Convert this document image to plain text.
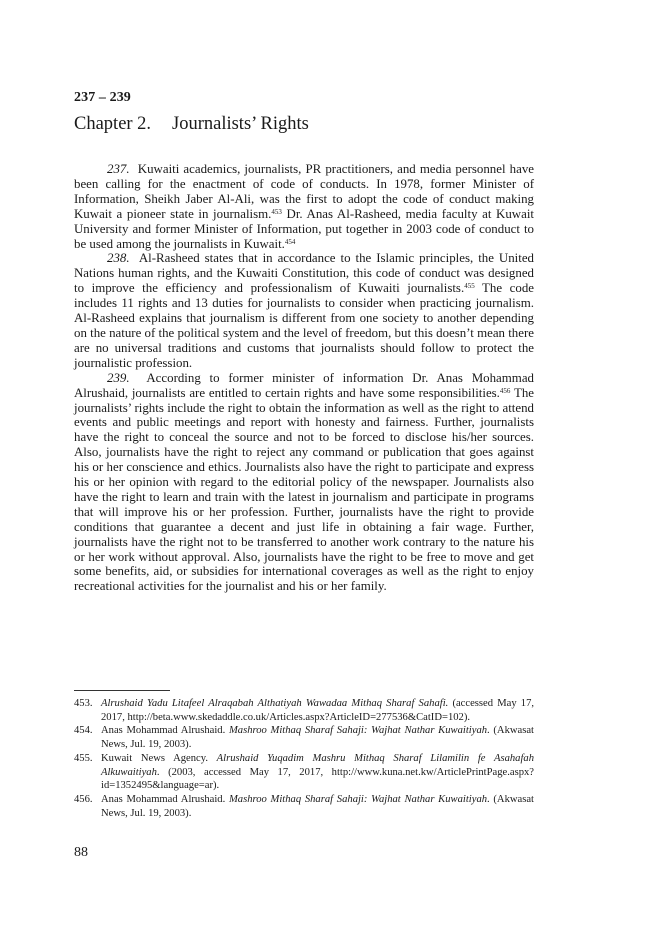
237 – 239
Chapter 2. Journalists’ Rights

237. Kuwaiti academics, journalists, PR practitioners, and media personnel have been calling for the enactment of code of conducts. In 1978, former Minister of Information, Sheikh Jaber Al-Ali, was the first to adopt the code of conduct making Kuwait a pioneer state in journalism.$^{453}$ Dr. Anas Al-Rasheed, media faculty at Kuwait University and former Minister of Information, put together in 2003 code of conduct to be used among the journalists in Kuwait.$^{454}$

238. Al-Rasheed states that in accordance to the Islamic principles, the United Nations human rights, and the Kuwaiti Constitution, this code of conduct was designed to improve the efficiency and professionalism of Kuwaiti journalists.$^{455}$ The code includes 11 rights and 13 duties for journalists to consider when practicing journalism. Al-Rasheed explains that journalism is different from one society to another depending on the nature of the political system and the level of freedom, but this doesn’t mean there are no universal traditions and customs that journalists should follow to protect the journalistic profession.

239. According to former minister of information Dr. Anas Mohammad Alrushaid, journalists are entitled to certain rights and have some responsibilities.$^{456}$ The journalists’ rights include the right to obtain the information as well as the right to attend events and public meetings and report with honesty and fairness. Further, journalists have the right to conceal the source and not to be forced to disclose his/her sources. Also, journalists have the right to reject any command or publication that goes against his or her conscience and ethics. Journalists also have the right to participate and express his or her opinion with regard to the editorial policy of the newspaper. Journalists also have the right to learn and train with the latest in journalism and participate in programs that will improve his or her profession. Further, journalists have the right to provide conditions that guarantee a decent and just life in obtaining a fair wage. Further, journalists have the right not to be transferred to another work contrary to the nature his or her work without approval. Also, journalists have the right to be free to move and get some benefits, aid, or subsidies for international coverages as well as the right to enjoy recreational activities for the journalist and his or her family.

453. Alrushaid Yadu Litafeel Alraqabah Althatiyah Wawadaa Mithaq Sharaf Sahafi. (accessed May 17, 2017, http://beta.www.skedaddle.co.uk/Articles.aspx?ArticleID=277536&CatID=102).

454. Anas Mohammad Alrushaid. Mashroo Mithaq Sharaf Sahaji: Wajhat Nathar Kuwaitiyah. (Akwasat News, Jul. 19, 2003).

455. Kuwait News Agency. Alrushaid Yuqadim Mashru Mithaq Sharaf Lilamilin fe Asahafah Alkuwaitiyah. (2003, accessed May 17, 2017, http://www.kuna.net.kw/ArticlePrintPage.aspx?id=1352495&language=ar).

456. Anas Mohammad Alrushaid. Mashroo Mithaq Sharaf Sahaji: Wajhat Nathar Kuwaitiyah. (Akwasat News, Jul. 19, 2003).

88
